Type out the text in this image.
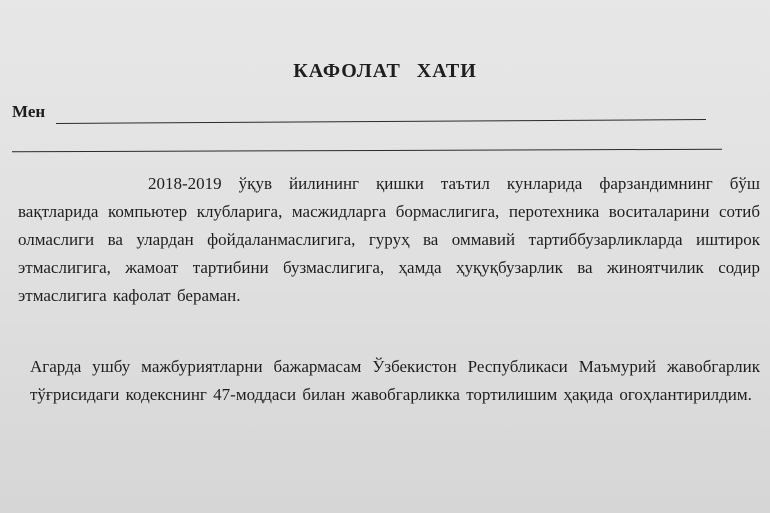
КАФОЛАТ ХАТИ
Мен
2018-2019 ўқув йилининг қишки таътил кунларида фарзандимнинг бўш вақтларида компьютер клубларига, масжидларга бормаслигига, перотехника воситаларини сотиб олмаслиги ва улардан фойдаланмаслигига, гуруҳ ва оммавий тартиббузарликларда иштирок этмаслигига, жамоат тартибини бузмаслигига, ҳамда ҳуқуқбузарлик ва жиноятчилик содир этмаслигига кафолат бераман.
Агарда ушбу мажбуриятларни бажармасам Ўзбекистон Республикаси Маъмурий жавобгарлик тўғрисидаги кодекснинг 47-моддаси билан жавобгарликка тортилишим ҳақида огоҳлантирилдим.
